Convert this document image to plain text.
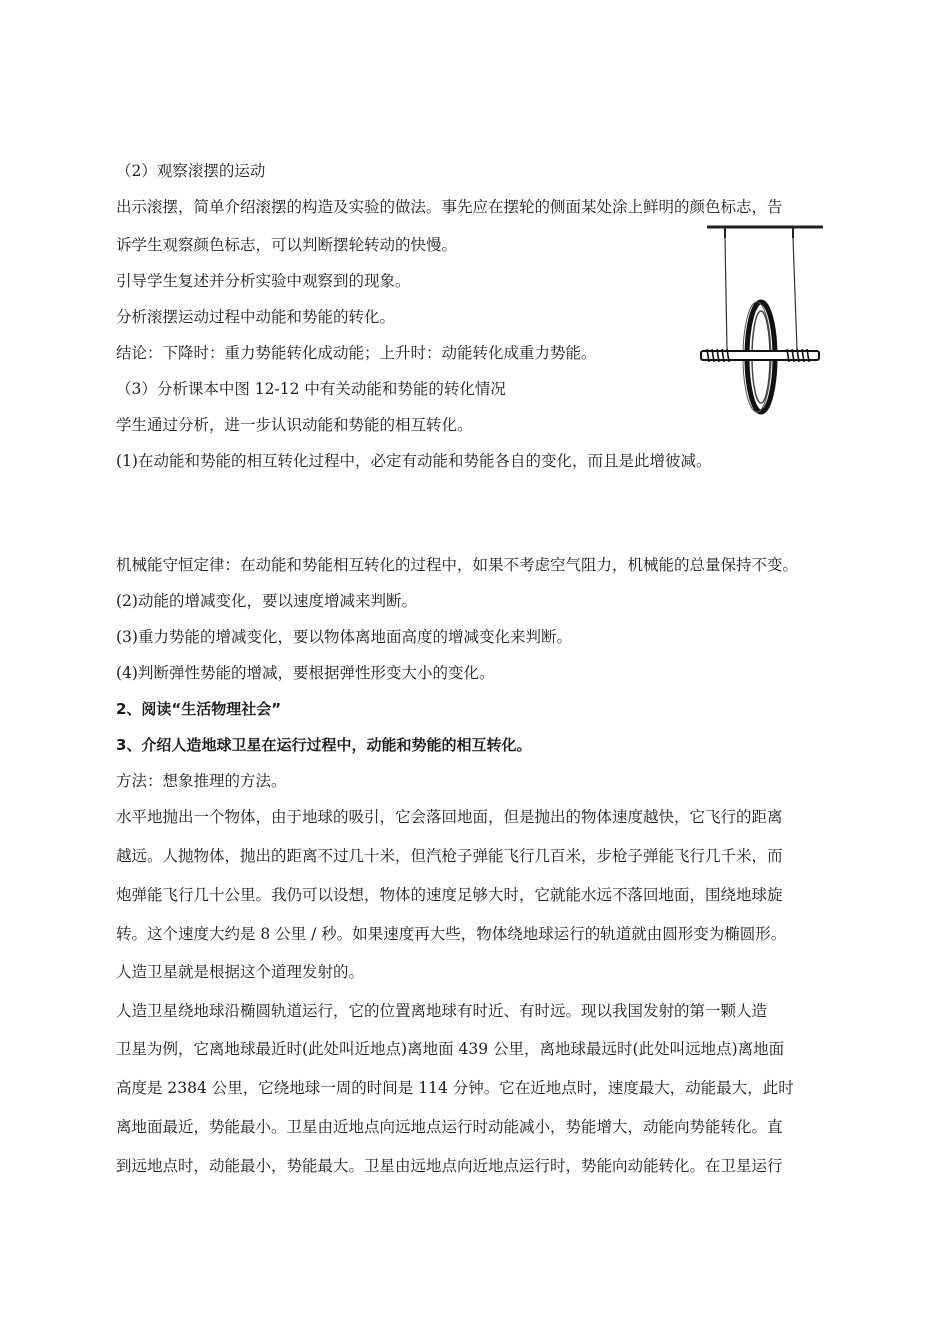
（2）观察滚摆的运动
出示滚摆，简单介绍滚摆的构造及实验的做法。事先应在摆轮的侧面某处涂上鲜明的颜色标志，告
诉学生观察颜色标志，可以判断摆轮转动的快慢。
引导学生复述并分析实验中观察到的现象。
分析滚摆运动过程中动能和势能的转化。
结论：下降时：重力势能转化成动能；上升时：动能转化成重力势能。
（3）分析课本中图 12-12 中有关动能和势能的转化情况
学生通过分析，进一步认识动能和势能的相互转化。
(1)在动能和势能的相互转化过程中，必定有动能和势能各自的变化，而且是此增彼减。
机械能守恒定律：在动能和势能相互转化的过程中，如果不考虑空气阻力，机械能的总量保持不变。
(2)动能的增减变化，要以速度增减来判断。
(3)重力势能的增减变化，要以物体离地面高度的增减变化来判断。
(4)判断弹性势能的增减，要根据弹性形变大小的变化。
2、阅读“生活物理社会”
3、介绍人造地球卫星在运行过程中，动能和势能的相互转化。
方法：想象推理的方法。
水平地抛出一个物体，由于地球的吸引，它会落回地面，但是抛出的物体速度越快，它飞行的距离
越远。人抛物体，抛出的距离不过几十米，但汽枪子弹能飞行几百米，步枪子弹能飞行几千米，而
炮弹能飞行几十公里。我仍可以设想，物体的速度足够大时，它就能水远不落回地面，围绕地球旋
转。这个速度大约是 8 公里 / 秒。如果速度再大些，物体绕地球运行的轨道就由圆形变为椭圆形。
人造卫星就是根据这个道理发射的。
人造卫星绕地球沿椭圆轨道运行，它的位置离地球有时近、有时远。现以我国发射的第一颗人造
卫星为例，它离地球最近时(此处叫近地点)离地面 439 公里，离地球最远时(此处叫远地点)离地面
高度是 2384 公里，它绕地球一周的时间是 114 分钟。它在近地点时，速度最大，动能最大，此时
离地面最近，势能最小。卫星由近地点向远地点运行时动能减小，势能增大，动能向势能转化。直
到远地点时，动能最小，势能最大。卫星由远地点向近地点运行时，势能向动能转化。在卫星运行
